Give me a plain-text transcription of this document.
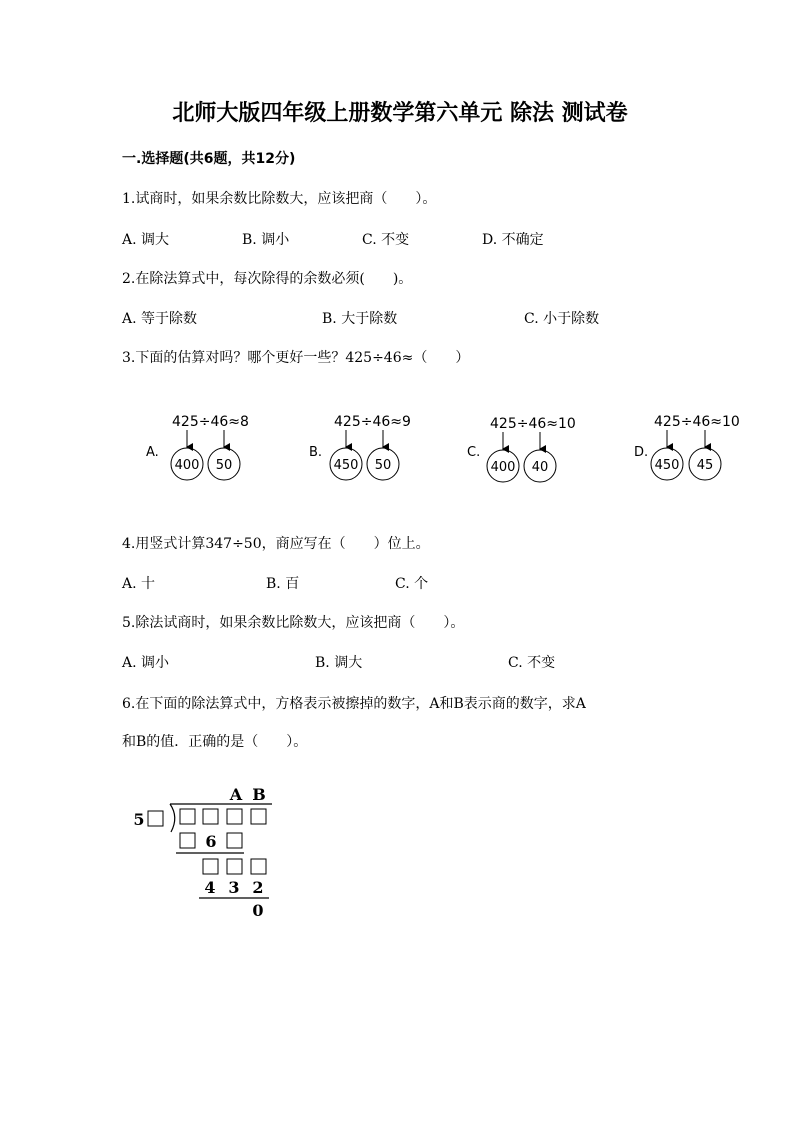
北师大版四年级上册数学第六单元 除法 测试卷
一.选择题(共6题，共12分)
1.试商时，如果余数比除数大，应该把商（　　）。
A. 调大	B. 调小	C. 不变	D. 不确定
2.在除法算式中，每次除得的余数必须(　　)。
A. 等于除数	B. 大于除数	C. 小于除数
3.下面的估算对吗？哪个更好一些？425÷46≈（　　）
A.
425÷46≈8
400 50
B.
425÷46≈9
450 50
C.
425÷46≈10
400 40
D.
425÷46≈10
450 45
4.用竖式计算347÷50，商应写在（　　）位上。
A. 十	B. 百	C. 个
5.除法试商时，如果余数比除数大，应该把商（　　）。
A. 调小	B. 调大	C. 不变
6.在下面的除法算式中，方格表示被擦掉的数字，A和B表示商的数字，求A
和B的值．正确的是（　　）。
A B
5
6
4 3 2
0
